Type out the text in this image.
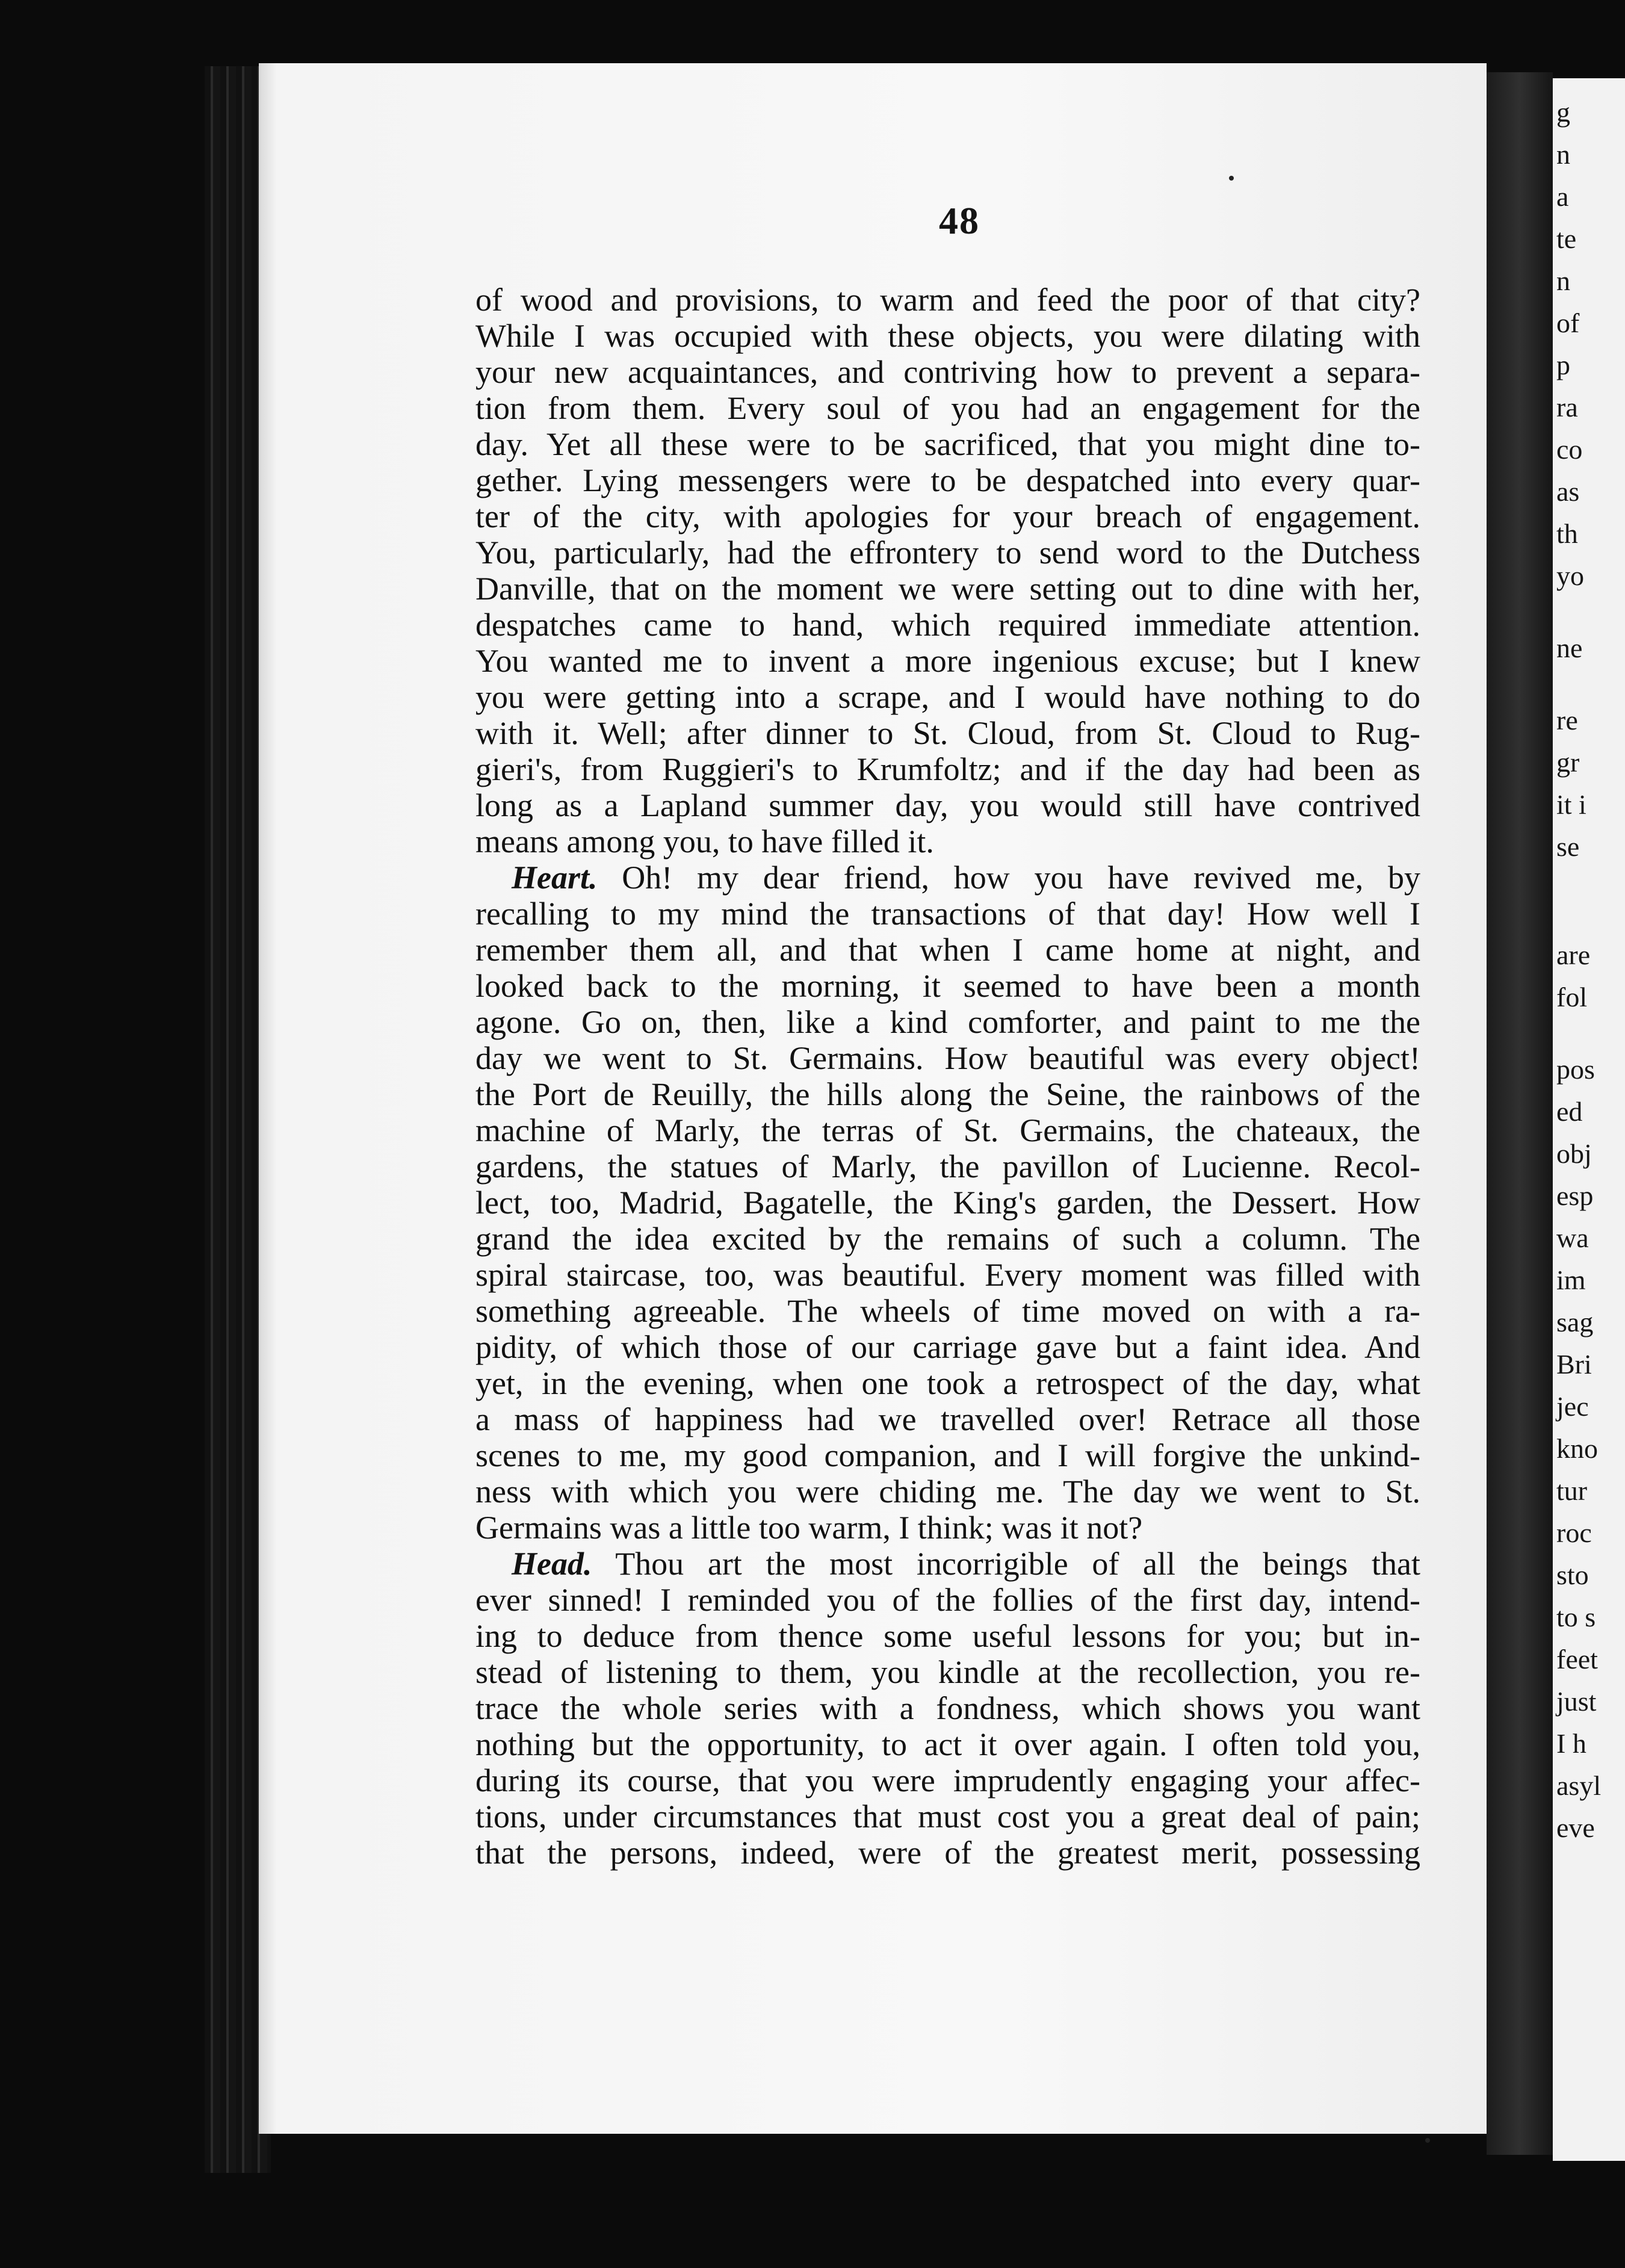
48
of wood and provisions, to warm and feed the poor of that city?
While I was occupied with these objects, you were dilating with
your new acquaintances, and contriving how to prevent a separa-
tion from them. Every soul of you had an engagement for the
day. Yet all these were to be sacrificed, that you might dine to-
gether. Lying messengers were to be despatched into every quar-
ter of the city, with apologies for your breach of engagement.
You, particularly, had the effrontery to send word to the Dutchess
Danville, that on the moment we were setting out to dine with her,
despatches came to hand, which required immediate attention.
You wanted me to invent a more ingenious excuse; but I knew
you were getting into a scrape, and I would have nothing to do
with it. Well; after dinner to St. Cloud, from St. Cloud to Rug-
gieri's, from Ruggieri's to Krumfoltz; and if the day had been as
long as a Lapland summer day, you would still have contrived
means among you, to have filled it.
Heart. Oh! my dear friend, how you have revived me, by
recalling to my mind the transactions of that day! How well I
remember them all, and that when I came home at night, and
looked back to the morning, it seemed to have been a month
agone. Go on, then, like a kind comforter, and paint to me the
day we went to St. Germains. How beautiful was every object!
the Port de Reuilly, the hills along the Seine, the rainbows of the
machine of Marly, the terras of St. Germains, the chateaux, the
gardens, the statues of Marly, the pavillon of Lucienne. Recol-
lect, too, Madrid, Bagatelle, the King's garden, the Dessert. How
grand the idea excited by the remains of such a column. The
spiral staircase, too, was beautiful. Every moment was filled with
something agreeable. The wheels of time moved on with a ra-
pidity, of which those of our carriage gave but a faint idea. And
yet, in the evening, when one took a retrospect of the day, what
a mass of happiness had we travelled over! Retrace all those
scenes to me, my good companion, and I will forgive the unkind-
ness with which you were chiding me. The day we went to St.
Germains was a little too warm, I think; was it not?
Head. Thou art the most incorrigible of all the beings that
ever sinned! I reminded you of the follies of the first day, intend-
ing to deduce from thence some useful lessons for you; but in-
stead of listening to them, you kindle at the recollection, you re-
trace the whole series with a fondness, which shows you want
nothing but the opportunity, to act it over again. I often told you,
during its course, that you were imprudently engaging your affec-
tions, under circumstances that must cost you a great deal of pain;
that the persons, indeed, were of the greatest merit, possessing
g
n
a
te
n
of
p
ra
co
as
th
yo
ne
re
gr
it i
se
are
fol
pos
ed
obj
esp
wa
im
sag
Bri
jec
kno
tur
roc
sto
to s
feet
just
I h
asyl
eve
